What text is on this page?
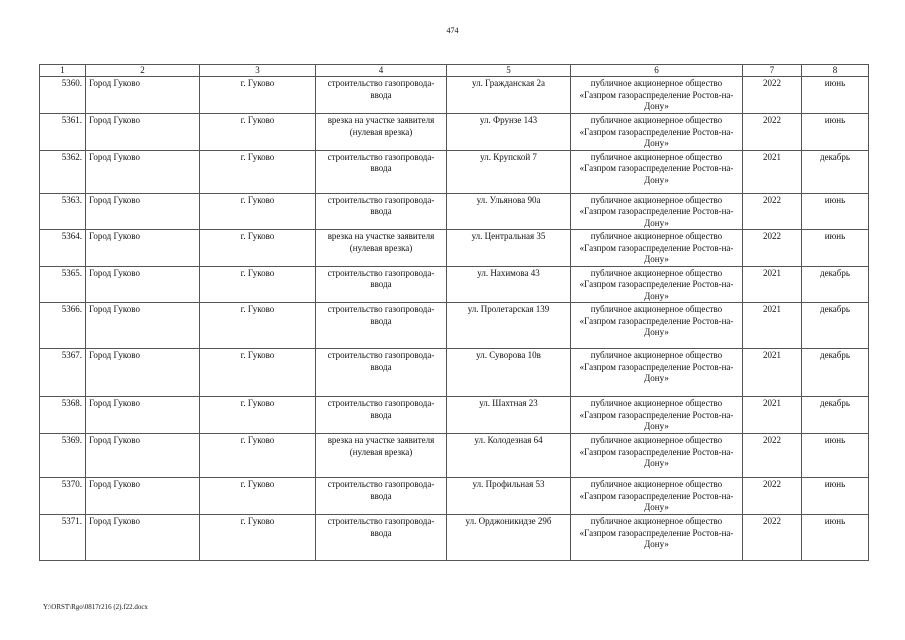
474
1	2	3	4	5	6	7	8
5360.	Город Гуково	г. Гуково	строительство газопровода-ввода	ул. Гражданская 2а	публичное акционерное общество «Газпром газораспределение Ростов-на-Дону»	2022	июнь
5361.	Город Гуково	г. Гуково	врезка на участке заявителя (нулевая врезка)	ул. Фрунзе 143	публичное акционерное общество «Газпром газораспределение Ростов-на-Дону»	2022	июнь
5362.	Город Гуково	г. Гуково	строительство газопровода-ввода	ул. Крупской 7	публичное акционерное общество «Газпром газораспределение Ростов-на-Дону»	2021	декабрь
5363.	Город Гуково	г. Гуково	строительство газопровода-ввода	ул. Ульянова 90а	публичное акционерное общество «Газпром газораспределение Ростов-на-Дону»	2022	июнь
5364.	Город Гуково	г. Гуково	врезка на участке заявителя (нулевая врезка)	ул. Центральная 35	публичное акционерное общество «Газпром газораспределение Ростов-на-Дону»	2022	июнь
5365.	Город Гуково	г. Гуково	строительство газопровода-ввода	ул. Нахимова 43	публичное акционерное общество «Газпром газораспределение Ростов-на-Дону»	2021	декабрь
5366.	Город Гуково	г. Гуково	строительство газопровода-ввода	ул. Пролетарская 139	публичное акционерное общество «Газпром газораспределение Ростов-на-Дону»	2021	декабрь
5367.	Город Гуково	г. Гуково	строительство газопровода-ввода	ул. Суворова 10в	публичное акционерное общество «Газпром газораспределение Ростов-на-Дону»	2021	декабрь
5368.	Город Гуково	г. Гуково	строительство газопровода-ввода	ул. Шахтная 23	публичное акционерное общество «Газпром газораспределение Ростов-на-Дону»	2021	декабрь
5369.	Город Гуково	г. Гуково	врезка на участке заявителя (нулевая врезка)	ул. Колодезная 64	публичное акционерное общество «Газпром газораспределение Ростов-на-Дону»	2022	июнь
5370.	Город Гуково	г. Гуково	строительство газопровода-ввода	ул. Профильная 53	публичное акционерное общество «Газпром газораспределение Ростов-на-Дону»	2022	июнь
5371.	Город Гуково	г. Гуково	строительство газопровода-ввода	ул. Орджоникидзе 29б	публичное акционерное общество «Газпром газораспределение Ростов-на-Дону»	2022	июнь
Y:\ORST\Rgo\0817r216 (2).f22.docx
